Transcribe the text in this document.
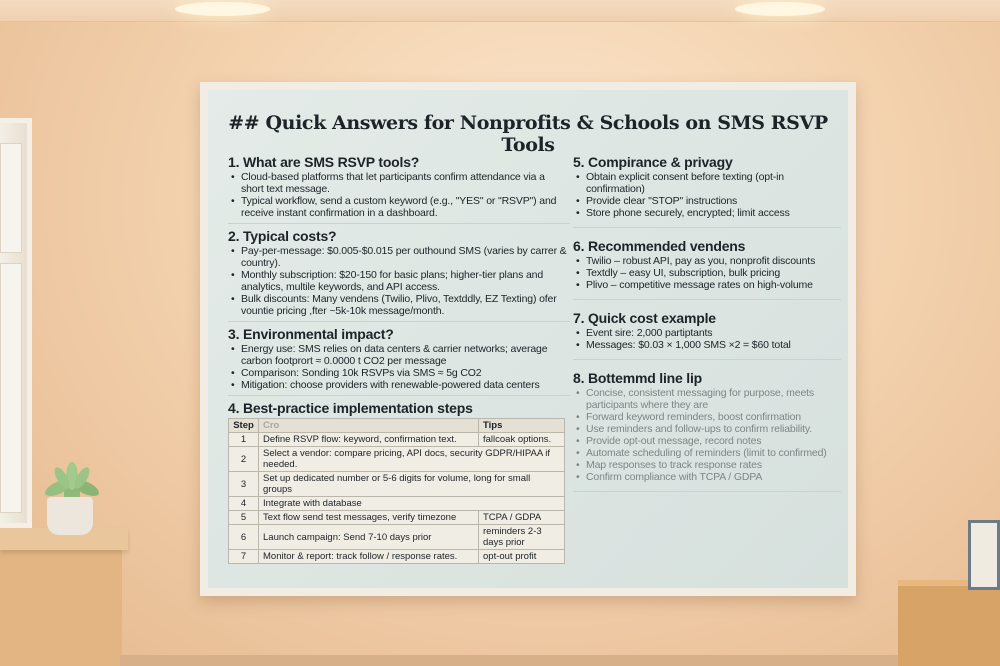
## Quick Answers for Nonprofits & Schools on SMS RSVP Tools
1. What are SMS RSVP tools?
• Cloud-based platforms that let participants confirm attendance via a short text message.
• Typical workflow, send a custom keyword (e.g., "YES" or "RSVP") and receive instant confirmation in a dashboard.
2. Typical costs?
• Pay-per-message: $0.005-$0.015 per outhound SMS (varies by carrer & country).
• Monthly subscription: $20-150 for basic plans; higher-tier plans and analytics, multile keywords, and API access.
• Bulk discounts: Many vendens (Twilio, Plivo, Textddly, EZ Texting) ofer vountie pricing ,fter ~5k-10k message/month.
3. Environmental impact?
• Energy use: SMS relies on data centers & carrier networks; average carbon footprort ≈ 0.0000 t CO2 per message
• Comparison: Sonding 10k RSVPs via SMS ≈ 5g CO2
• Mitigation: choose providers with renewable-powered data centers
4. Best-practice implementation steps
Step	Cro	Tips
1	Define RSVP flow: keyword, confirmation text.	fallcoak options.
2	Select a vendor: compare pricing, API docs, security GDPR/HIPAA if needed.	
3	Set up dedicated number or 5-6 digits for volume, long for small groups	
4	Integrate with database	
5	Text flow send test messages, verify timezone	TCPA / GDPA
6	Launch campaign: Send 7-10 days prior	reminders 2-3 days prior
7	Monitor & report: track follow / response rates.	opt-out profit
5. Compirance & privagy
• Obtain explicit consent before texting (opt-in confirmation)
• Provide clear "STOP" instructions
• Store phone securely, encrypted; limit access
6. Recommended vendens
• Twilio – robust API, pay as you, nonprofit discounts
• Textdly – easy UI, subscription, bulk pricing
• Plivo – competitive message rates on high-volume
7. Quick cost example
• Event sire: 2,000 partiptants
• Messages: $0.03 × 1,000 SMS ×2 = $60 total
8. Bottemmd line lip
• Concise, consistent messaging for purpose, meets participants where they are
• Forward keyword reminders, boost confirmation
• Use reminders and follow-ups to confirm reliability.
• Provide opt-out message, record notes
• Automate scheduling of reminders (limit to confirmed)
• Map responses to track response rates
• Confirm compliance with TCPA / GDPA
